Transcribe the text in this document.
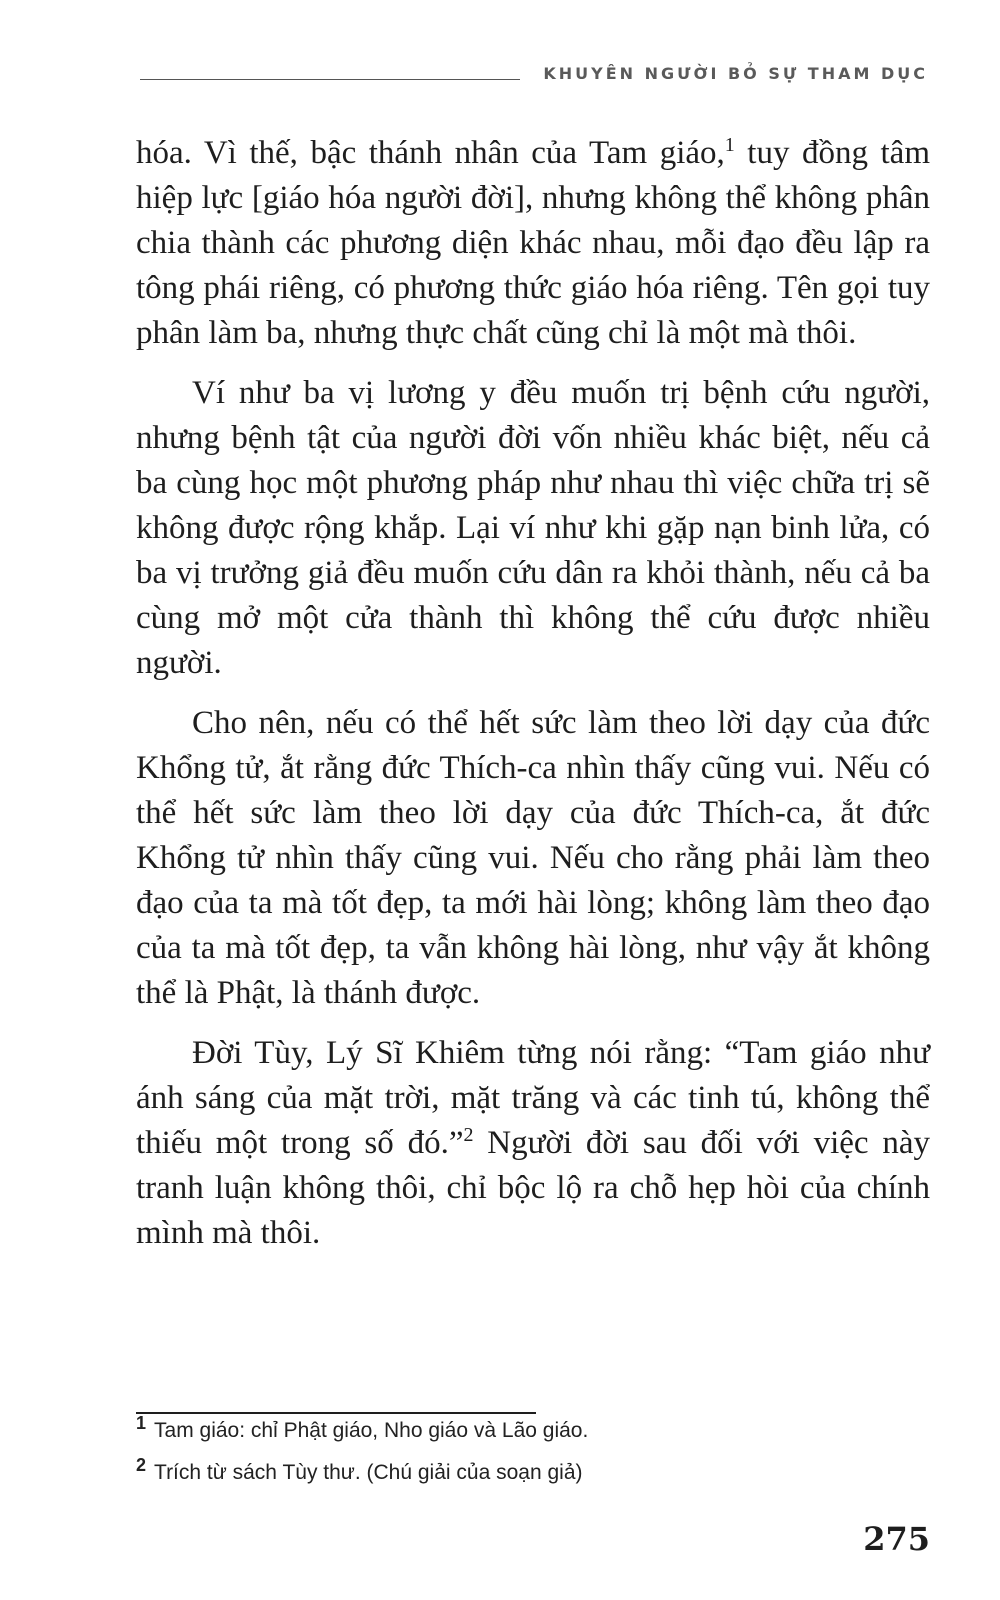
KHUYÊN NGƯỜI BỎ SỰ THAM DỤC

hóa. Vì thế, bậc thánh nhân của Tam giáo,$^1$ tuy đồng tâm hiệp lực [giáo hóa người đời], nhưng không thể không phân chia thành các phương diện khác nhau, mỗi đạo đều lập ra tông phái riêng, có phương thức giáo hóa riêng. Tên gọi tuy phân làm ba, nhưng thực chất cũng chỉ là một mà thôi.

Ví như ba vị lương y đều muốn trị bệnh cứu người, nhưng bệnh tật của người đời vốn nhiều khác biệt, nếu cả ba cùng học một phương pháp như nhau thì việc chữa trị sẽ không được rộng khắp. Lại ví như khi gặp nạn binh lửa, có ba vị trưởng giả đều muốn cứu dân ra khỏi thành, nếu cả ba cùng mở một cửa thành thì không thể cứu được nhiều người.

Cho nên, nếu có thể hết sức làm theo lời dạy của đức Khổng tử, ắt rằng đức Thích-ca nhìn thấy cũng vui. Nếu có thể hết sức làm theo lời dạy của đức Thích-ca, ắt đức Khổng tử nhìn thấy cũng vui. Nếu cho rằng phải làm theo đạo của ta mà tốt đẹp, ta mới hài lòng; không làm theo đạo của ta mà tốt đẹp, ta vẫn không hài lòng, như vậy ắt không thể là Phật, là thánh được.

Đời Tùy, Lý Sĩ Khiêm từng nói rằng: “Tam giáo như ánh sáng của mặt trời, mặt trăng và các tinh tú, không thể thiếu một trong số đó.”$^2$ Người đời sau đối với việc này tranh luận không thôi, chỉ bộc lộ ra chỗ hẹp hòi của chính mình mà thôi.

1 Tam giáo: chỉ Phật giáo, Nho giáo và Lão giáo.
2 Trích từ sách Tùy thư. (Chú giải của soạn giả)
275
